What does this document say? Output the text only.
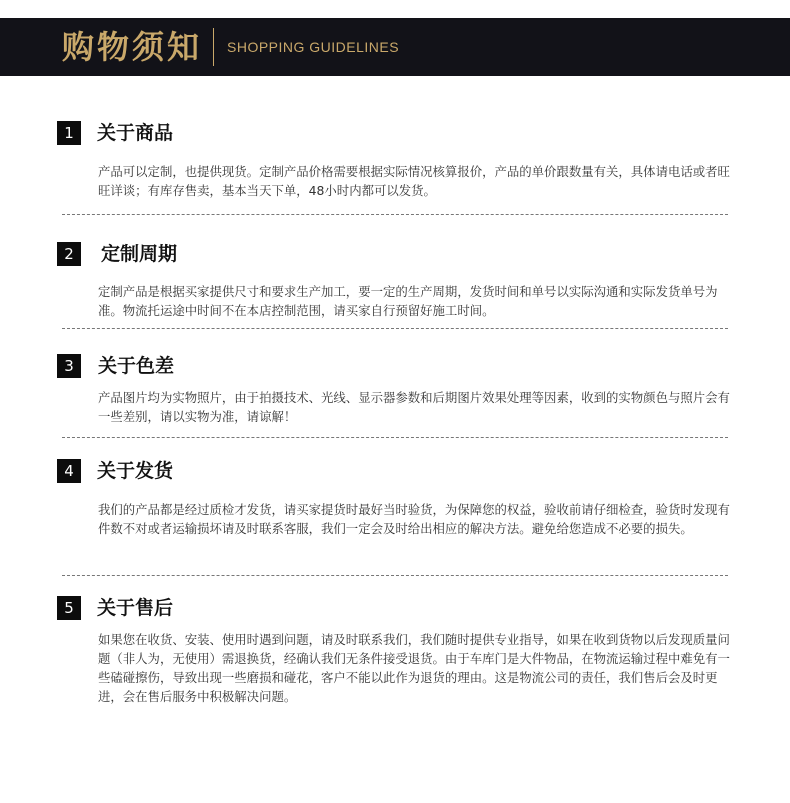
购物须知 SHOPPING GUIDELINES
1	关于商品
产品可以定制，也提供现货。定制产品价格需要根据实际情况核算报价，产品的单价跟数量有关，具体请电话或者旺旺详谈；有库存售卖，基本当天下单，48小时内都可以发货。
2	定制周期
定制产品是根据买家提供尺寸和要求生产加工，要一定的生产周期，发货时间和单号以实际沟通和实际发货单号为准。物流托运途中时间不在本店控制范围，请买家自行预留好施工时间。
3	关于色差
产品图片均为实物照片，由于拍摄技术、光线、显示器参数和后期图片效果处理等因素，收到的实物颜色与照片会有一些差别，请以实物为准，请谅解！
4	关于发货
我们的产品都是经过质检才发货，请买家提货时最好当时验货，为保障您的权益，验收前请仔细检查，验货时发现有件数不对或者运输损坏请及时联系客服，我们一定会及时给出相应的解决方法。避免给您造成不必要的损失。
5	关于售后
如果您在收货、安装、使用时遇到问题，请及时联系我们，我们随时提供专业指导，如果在收到货物以后发现质量问题（非人为，无使用）需退换货，经确认我们无条件接受退货。由于车库门是大件物品，在物流运输过程中难免有一些磕碰擦伤，导致出现一些磨损和碰花，客户不能以此作为退货的理由。这是物流公司的责任，我们售后会及时更进，会在售后服务中积极解决问题。
